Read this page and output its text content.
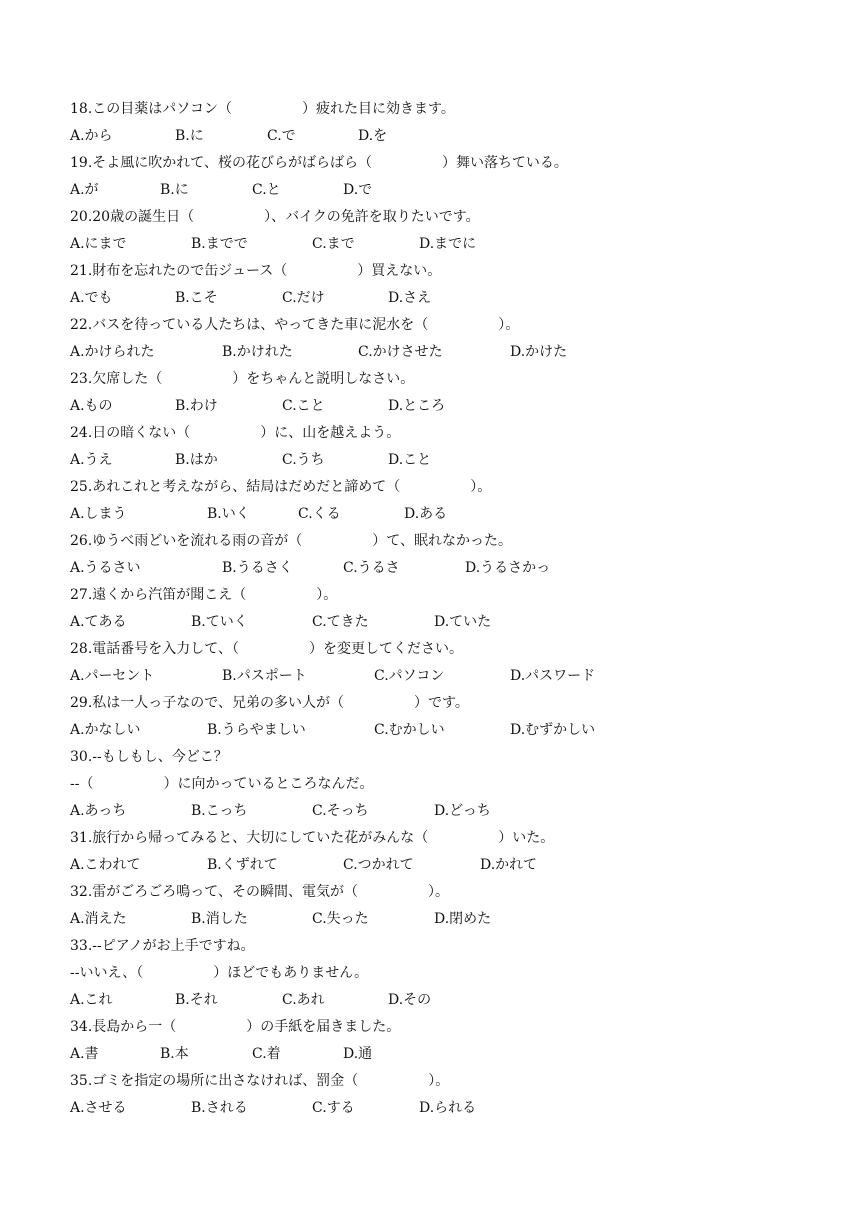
18.この目薬はパソコン（　　　　　）疲れた目に効きます。
A.から	B.に	C.で	D.を
19.そよ風に吹かれて、桜の花びらがばらばら（　　　　　）舞い落ちている。
A.が	B.に	C.と	D.で
20.20歳の誕生日（　　　　　）、バイクの免許を取りたいです。
A.にまで	B.までで	C.まで	D.までに
21.財布を忘れたので缶ジュース（　　　　　）買えない。
A.でも	B.こそ	C.だけ	D.さえ
22.バスを待っている人たちは、やってきた車に泥水を（　　　　　）。
A.かけられた	B.かけれた	C.かけさせた	D.かけた
23.欠席した（　　　　　）をちゃんと説明しなさい。
A.もの	B.わけ	C.こと	D.ところ
24.日の暗くない（　　　　　）に、山を越えよう。
A.うえ	B.はか	C.うち	D.こと
25.あれこれと考えながら、結局はだめだと諦めて（　　　　　）。
A.しまう	B.いく	C.くる	D.ある
26.ゆうべ雨どいを流れる雨の音が（　　　　　）て、眠れなかった。
A.うるさい	B.うるさく	C.うるさ	D.うるさかっ
27.遠くから汽笛が聞こえ（　　　　　）。
A.てある	B.ていく	C.てきた	D.ていた
28.電話番号を入力して、（　　　　　）を変更してください。
A.パーセント	B.パスポート	C.パソコン	D.パスワード
29.私は一人っ子なので、兄弟の多い人が（　　　　　）です。
A.かなしい	B.うらやましい	C.むかしい	D.むずかしい
30.--もしもし、今どこ？
--（　　　　　）に向かっているところなんだ。
A.あっち	B.こっち	C.そっち	D.どっち
31.旅行から帰ってみると、大切にしていた花がみんな（　　　　　）いた。
A.こわれて	B.くずれて	C.つかれて	D.かれて
32.雷がごろごろ鳴って、その瞬間、電気が（　　　　　）。
A.消えた	B.消した	C.失った	D.閉めた
33.--ピアノがお上手ですね。
--いいえ、（　　　　　）ほどでもありません。
A.これ	B.それ	C.あれ	D.その
34.長島から一（　　　　　）の手紙を届きました。
A.書	B.本	C.着	D.通
35.ゴミを指定の場所に出さなければ、罰金（　　　　　）。
A.させる	B.される	C.する	D.られる
